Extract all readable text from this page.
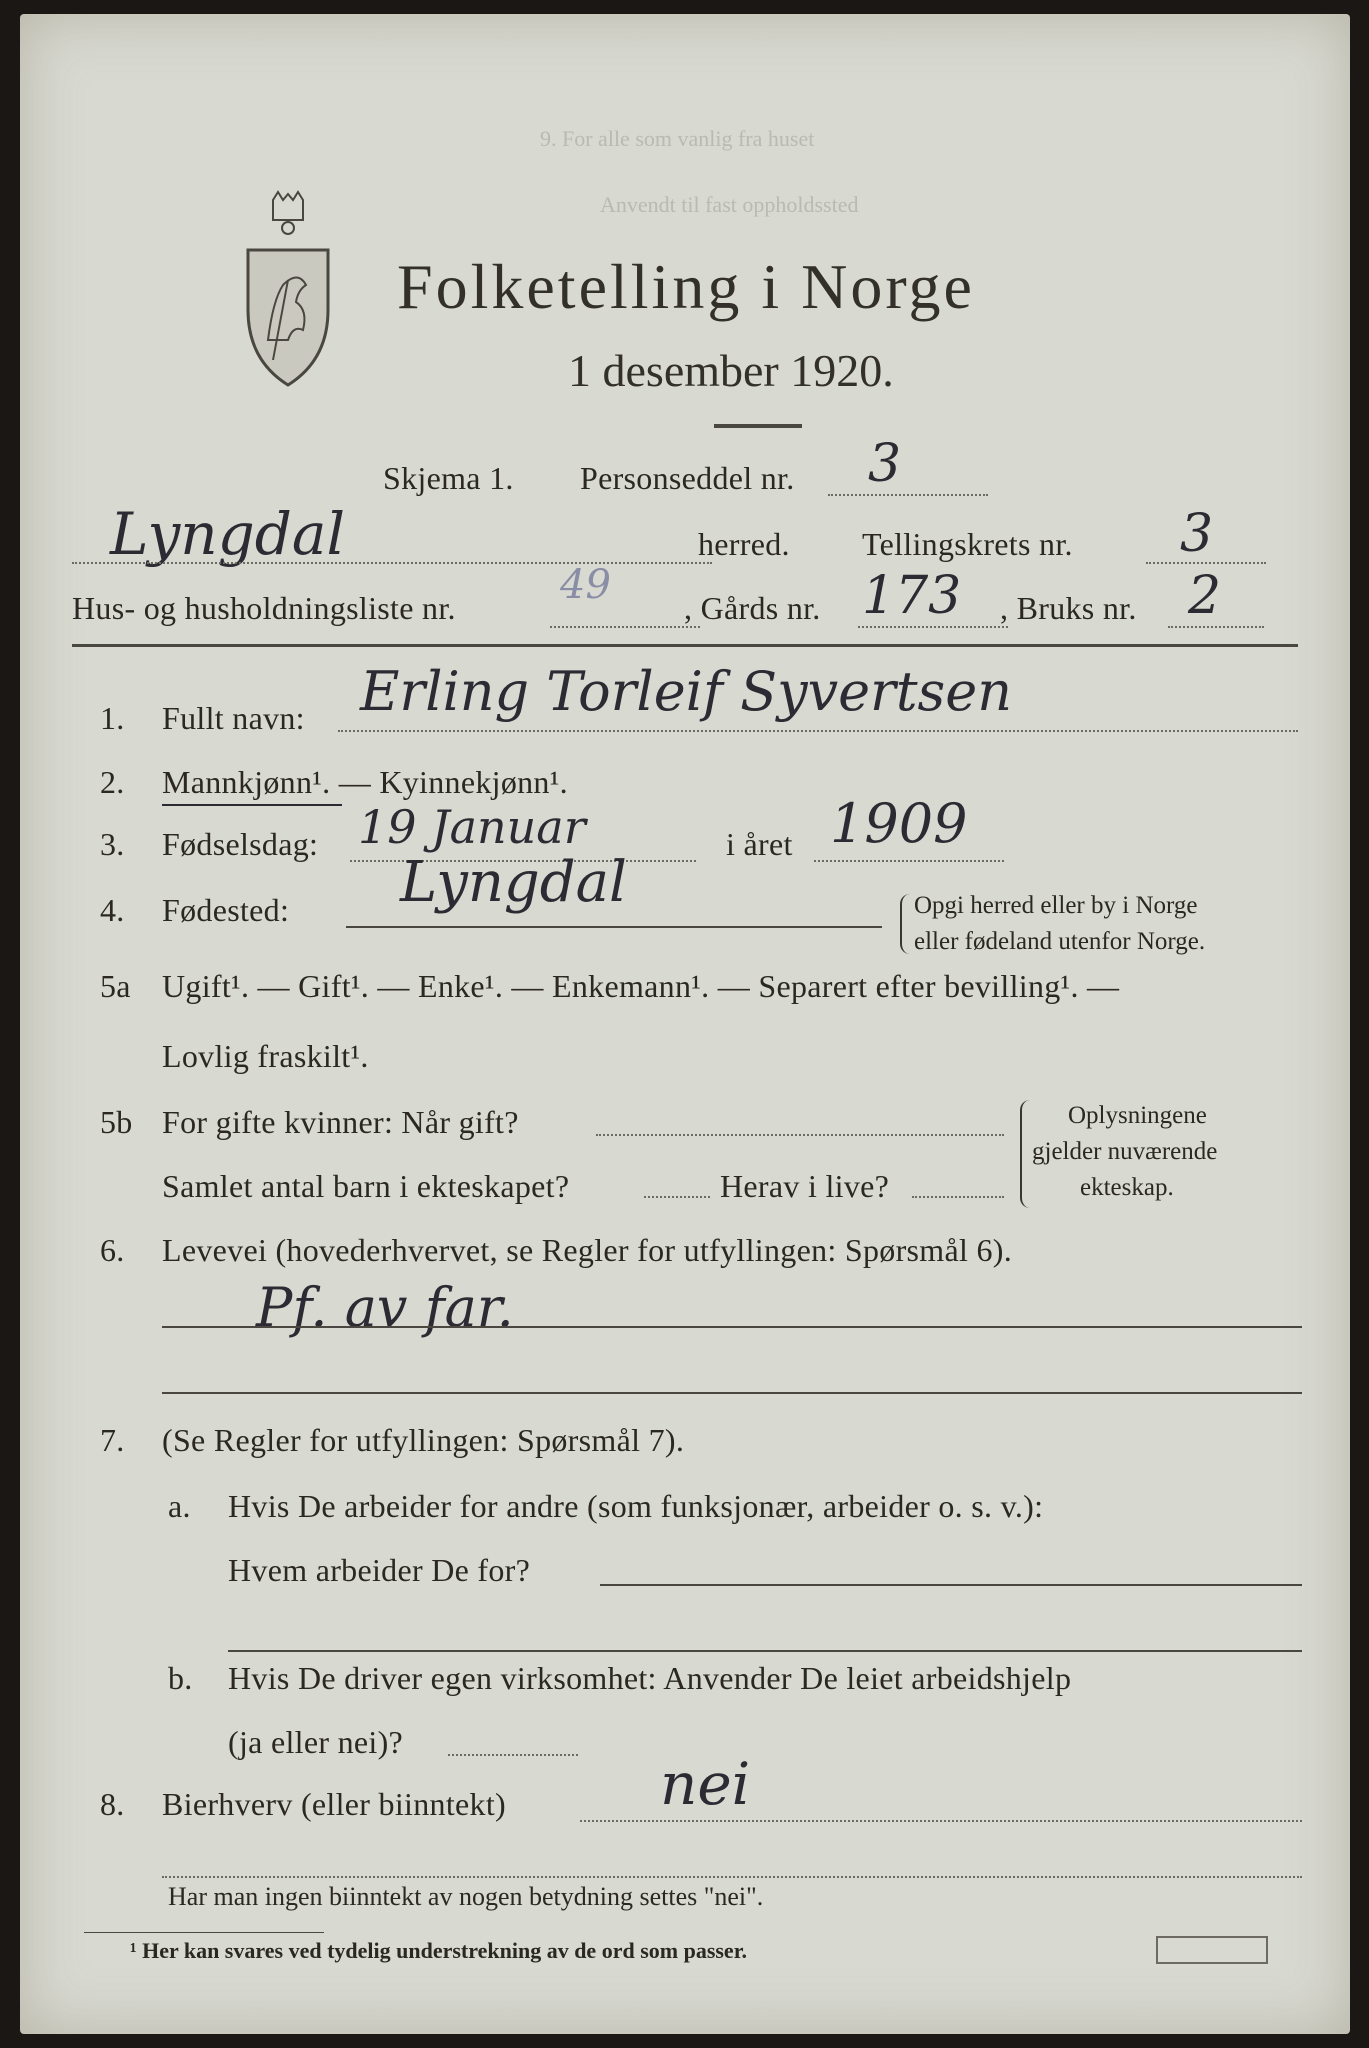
9. For alle som vanlig fra huset
Anvendt til fast oppholdssted
Folketelling i Norge
1 desember 1920.
Skjema 1. Personseddel nr. 3
Lyngdal	herred. Tellingskrets nr. 3
Hus- og husholdningsliste nr.	49 , Gårds nr. 173 , Bruks nr. 2
1. Fullt navn: Erling Torleif Syvertsen
2. Mannkjønn¹. — Kyinnekjønn¹.
3. Fødselsdag: 19 Januar	i året 1909
4. Fødested: Lyngdal	Opgi herred eller by i Norge
eller fødeland utenfor Norge.
5a Ugift¹. — Gift¹. — Enke¹. — Enkemann¹. — Separert efter bevilling¹. —
Lovlig fraskilt¹.
5b For gifte kvinner: Når gift?
Samlet antal barn i ekteskapet?	Herav i live?
Oplysningene
gjelder nuværende
ekteskap.
6. Levevei (hovederhvervet, se Regler for utfyllingen: Spørsmål 6).
Pf. av far.
7. (Se Regler for utfyllingen: Spørsmål 7).
a. Hvis De arbeider for andre (som funksjonær, arbeider o. s. v.):
Hvem arbeider De for?
b. Hvis De driver egen virksomhet: Anvender De leiet arbeidshjelp
(ja eller nei)?
8. Bierhverv (eller biinntekt)	nei
Har man ingen biinntekt av nogen betydning settes "nei".
¹ Her kan svares ved tydelig understrekning av de ord som passer.
